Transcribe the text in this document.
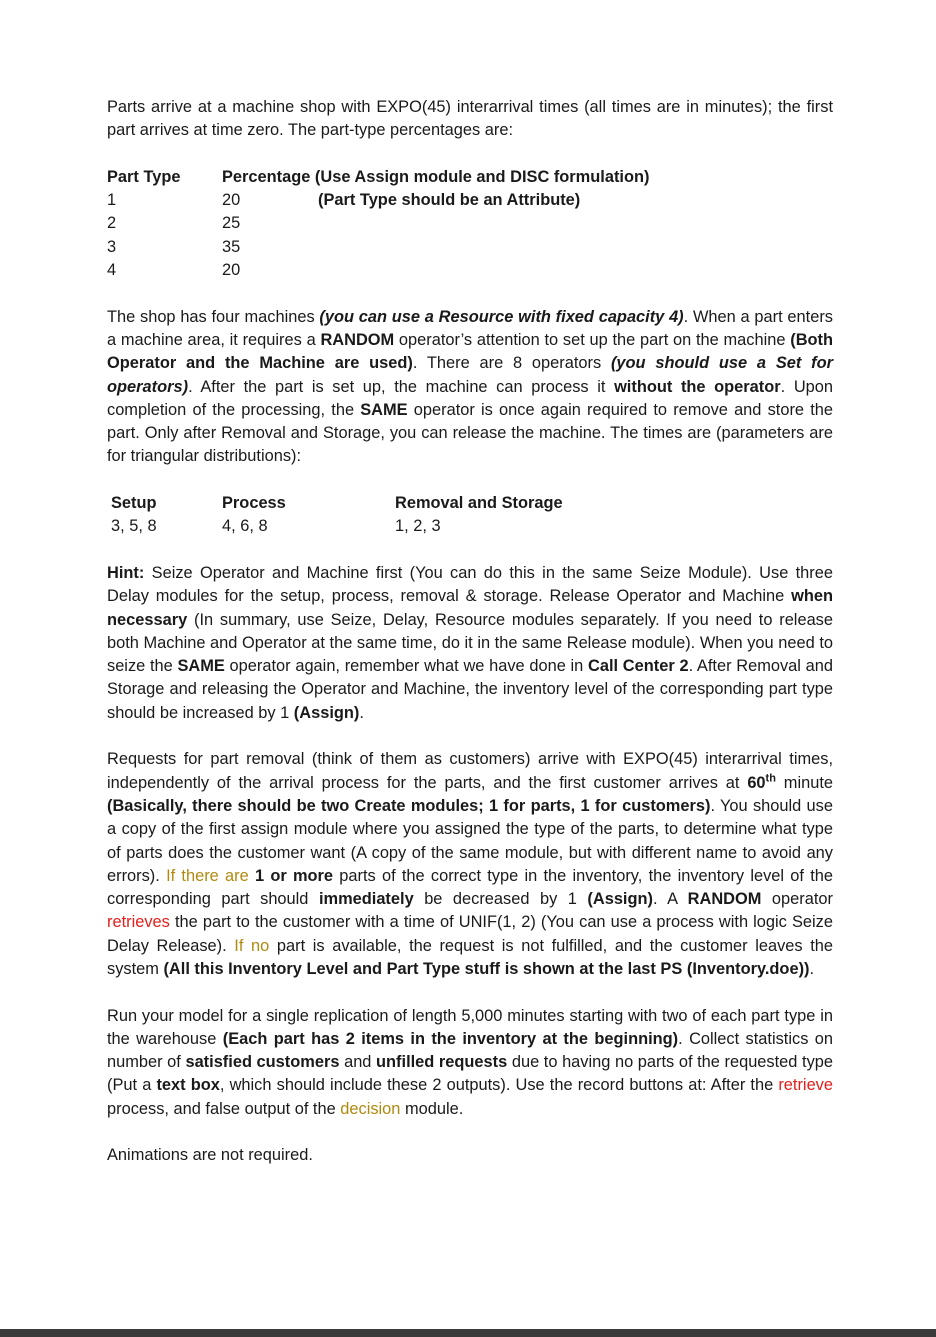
Parts arrive at a machine shop with EXPO(45) interarrival times (all times are in minutes); the first part arrives at time zero. The part-type percentages are:

Part Type	Percentage (Use Assign module and DISC formulation)	
1	20	(Part Type should be an Attribute)
2	25	
3	35	
4	20	

The shop has four machines (you can use a Resource with fixed capacity 4). When a part enters a machine area, it requires a RANDOM operator’s attention to set up the part on the machine (Both Operator and the Machine are used). There are 8 operators (you should use a Set for operators). After the part is set up, the machine can process it without the operator. Upon completion of the processing, the SAME operator is once again required to remove and store the part. Only after Removal and Storage, you can release the machine. The times are (parameters are for triangular distributions):

Setup	Process	Removal and Storage
3, 5, 8	4, 6, 8	1, 2, 3

Hint: Seize Operator and Machine first (You can do this in the same Seize Module). Use three Delay modules for the setup, process, removal & storage. Release Operator and Machine when necessary (In summary, use Seize, Delay, Resource modules separately. If you need to release both Machine and Operator at the same time, do it in the same Release module). When you need to seize the SAME operator again, remember what we have done in Call Center 2. After Removal and Storage and releasing the Operator and Machine, the inventory level of the corresponding part type should be increased by 1 (Assign).

Requests for part removal (think of them as customers) arrive with EXPO(45) interarrival times, independently of the arrival process for the parts, and the first customer arrives at 60th minute (Basically, there should be two Create modules; 1 for parts, 1 for customers). You should use a copy of the first assign module where you assigned the type of the parts, to determine what type of parts does the customer want (A copy of the same module, but with different name to avoid any errors). If there are 1 or more parts of the correct type in the inventory, the inventory level of the corresponding part should immediately be decreased by 1 (Assign). A RANDOM operator retrieves the part to the customer with a time of UNIF(1, 2) (You can use a process with logic Seize Delay Release). If no part is available, the request is not fulfilled, and the customer leaves the system (All this Inventory Level and Part Type stuff is shown at the last PS (Inventory.doe)).

Run your model for a single replication of length 5,000 minutes starting with two of each part type in the warehouse (Each part has 2 items in the inventory at the beginning). Collect statistics on number of satisfied customers and unfilled requests due to having no parts of the requested type (Put a text box, which should include these 2 outputs). Use the record buttons at: After the retrieve process, and false output of the decision module.

Animations are not required.
